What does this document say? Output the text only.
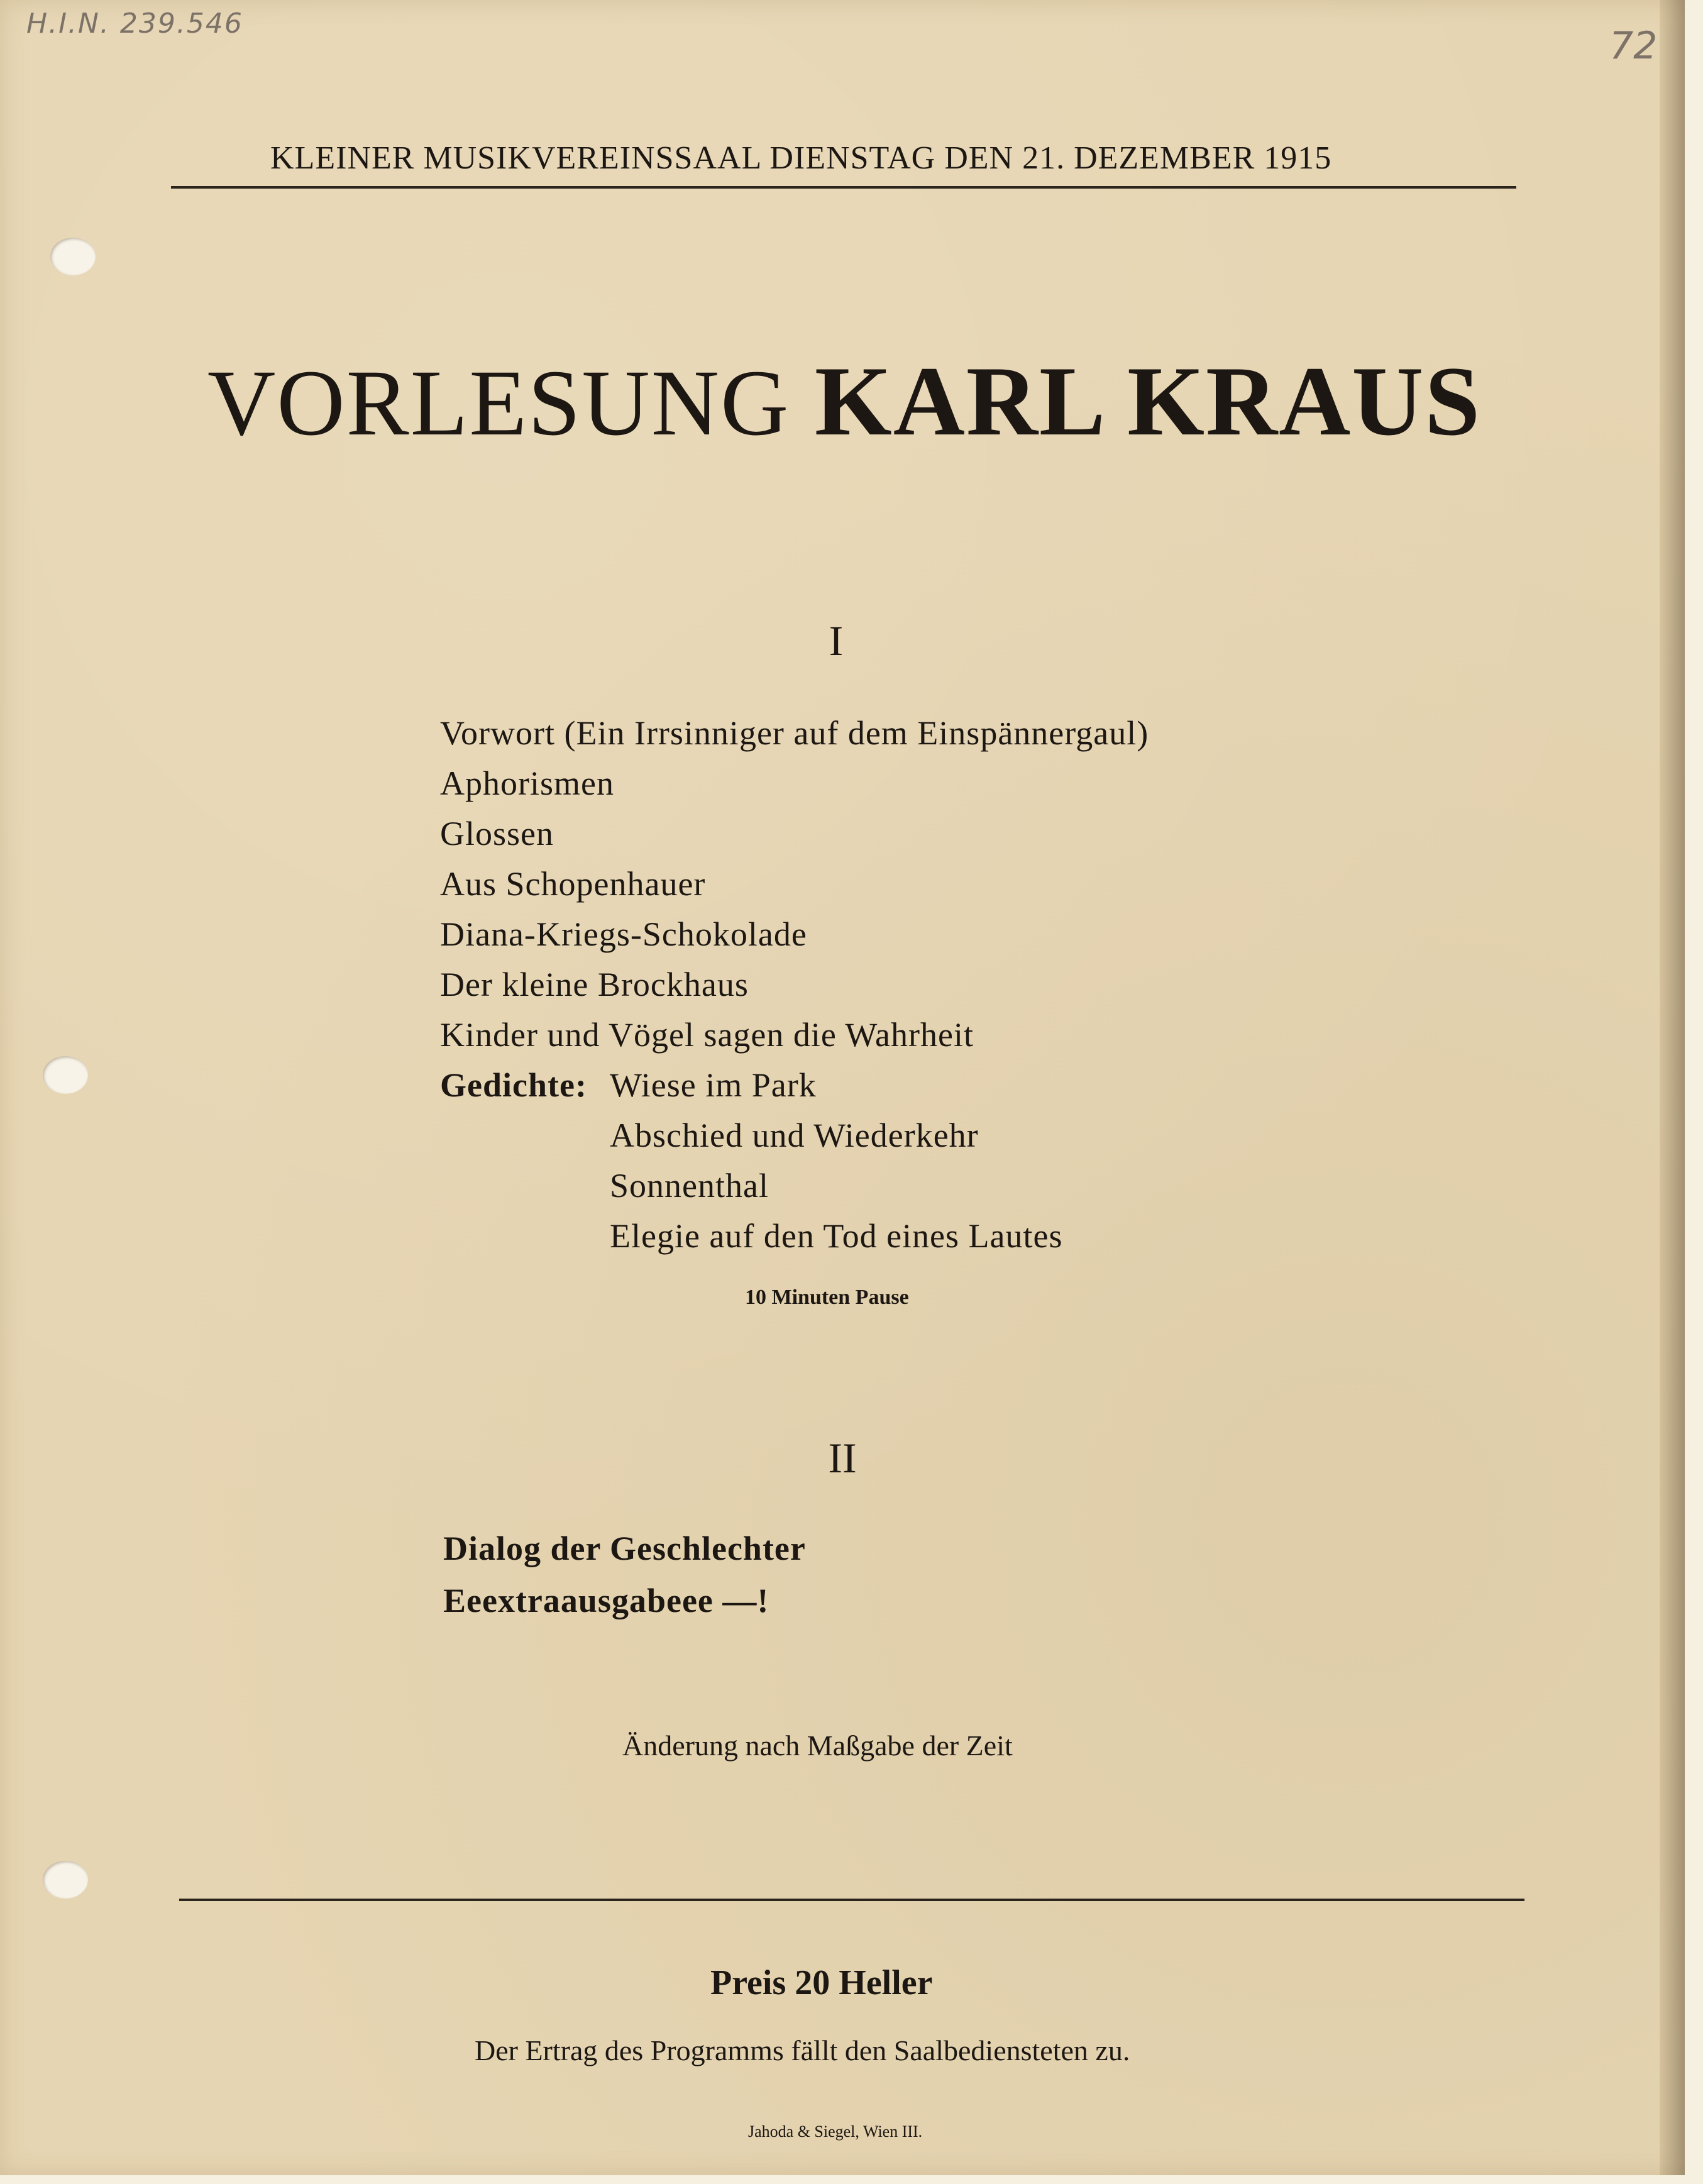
H.I.N. 239.546
72
KLEINER MUSIKVEREINSSAAL DIENSTAG DEN 21. DEZEMBER 1915
VORLESUNG KARL KRAUS
I
Vorwort (Ein Irrsinniger auf dem Einspännergaul)
Aphorismen
Glossen
Aus Schopenhauer
Diana-Kriegs-Schokolade
Der kleine Brockhaus
Kinder und Vögel sagen die Wahrheit
Gedichte: Wiese im Park
Abschied und Wiederkehr
Sonnenthal
Elegie auf den Tod eines Lautes
10 Minuten Pause
II
Dialog der Geschlechter
Eeextraausgabeee —!
Änderung nach Maßgabe der Zeit
Preis 20 Heller
Der Ertrag des Programms fällt den Saalbediensteten zu.
Jahoda & Siegel, Wien III.
